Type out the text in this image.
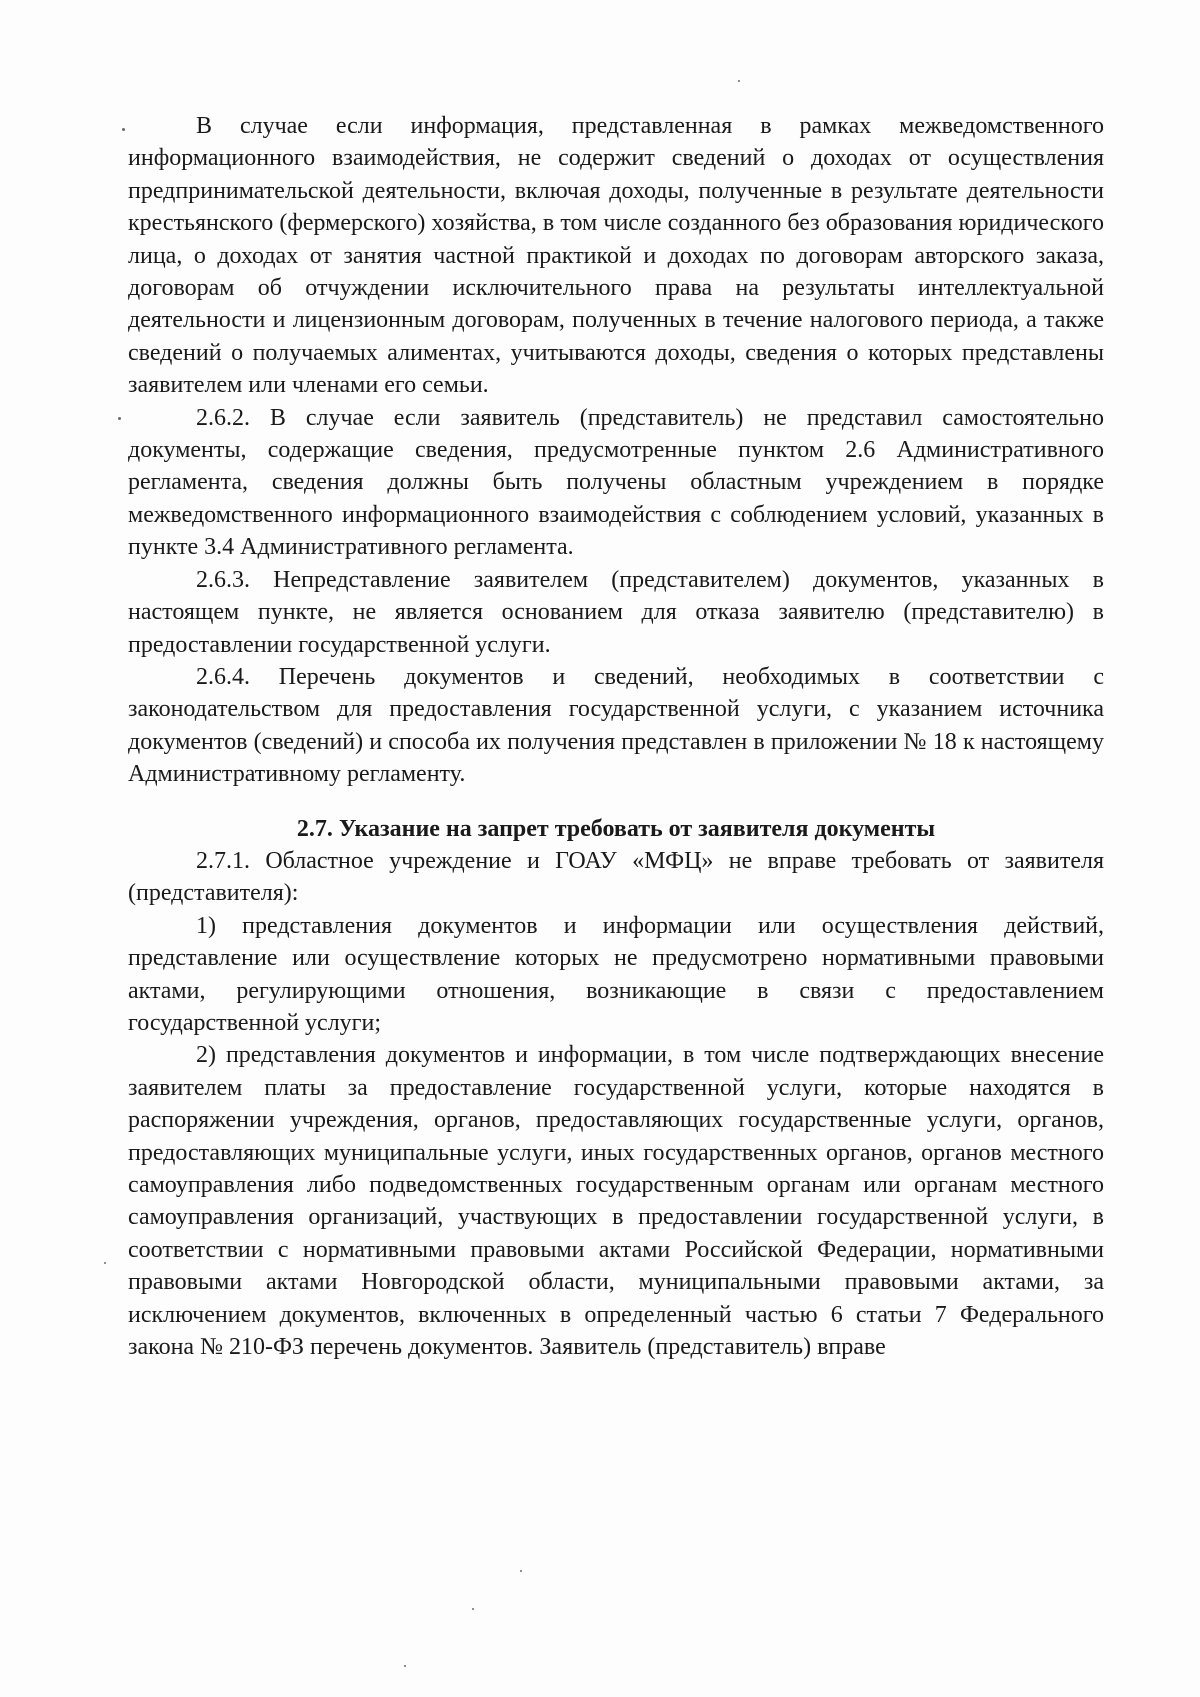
В случае если информация, представленная в рамках межведомственного информационного взаимодействия, не содержит сведений о доходах от осуществления предпринимательской деятельности, включая доходы, полученные в результате деятельности крестьянского (фермерского) хозяйства, в том числе созданного без образования юридического лица, о доходах от занятия частной практикой и доходах по договорам авторского заказа, договорам об отчуждении исключительного права на результаты интеллектуальной деятельности и лицензионным договорам, полученных в течение налогового периода, а также сведений о получаемых алиментах, учитываются доходы, сведения о которых представлены заявителем или членами его семьи.

2.6.2. В случае если заявитель (представитель) не представил самостоятельно документы, содержащие сведения, предусмотренные пунктом 2.6 Административного регламента, сведения должны быть получены областным учреждением в порядке межведомственного информационного взаимодействия с соблюдением условий, указанных в пункте 3.4 Административного регламента.

2.6.3. Непредставление заявителем (представителем) документов, указанных в настоящем пункте, не является основанием для отказа заявителю (представителю) в предоставлении государственной услуги.

2.6.4. Перечень документов и сведений, необходимых в соответствии с законодательством для предоставления государственной услуги, с указанием источника документов (сведений) и способа их получения представлен в приложении № 18 к настоящему Административному регламенту.

2.7. Указание на запрет требовать от заявителя документы

2.7.1. Областное учреждение и ГОАУ «МФЦ» не вправе требовать от заявителя (представителя):

1) представления документов и информации или осуществления действий, представление или осуществление которых не предусмотрено нормативными правовыми актами, регулирующими отношения, возникающие в связи с предоставлением государственной услуги;

2) представления документов и информации, в том числе подтверждающих внесение заявителем платы за предоставление государственной услуги, которые находятся в распоряжении учреждения, органов, предоставляющих государственные услуги, органов, предоставляющих муниципальные услуги, иных государственных органов, органов местного самоуправления либо подведомственных государственным органам или органам местного самоуправления организаций, участвующих в предоставлении государственной услуги, в соответствии с нормативными правовыми актами Российской Федерации, нормативными правовыми актами Новгородской области, муниципальными правовыми актами, за исключением документов, включенных в определенный частью 6 статьи 7 Федерального закона № 210-ФЗ перечень документов. Заявитель (представитель) вправе
